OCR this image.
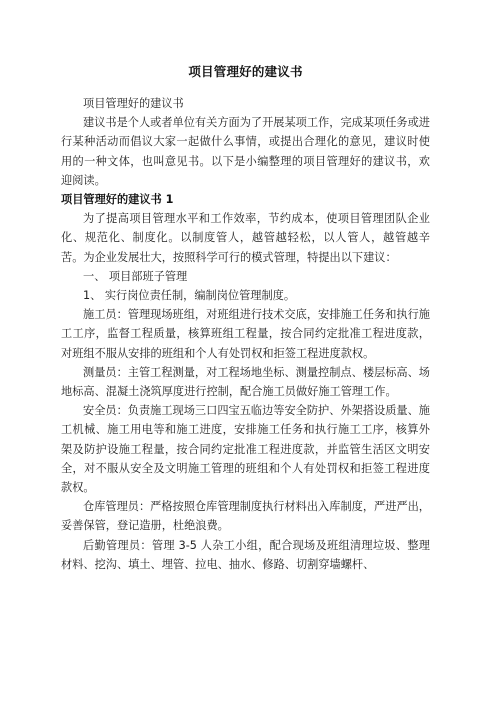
项目管理好的建议书

项目管理好的建议书

建议书是个人或者单位有关方面为了开展某项工作，完成某项任务或进行某种活动而倡议大家一起做什么事情，或提出合理化的意见，建议时使用的一种文体，也叫意见书。以下是小编整理的项目管理好的建议书，欢迎阅读。

项目管理好的建议书 1

为了提高项目管理水平和工作效率，节约成本，使项目管理团队企业化、规范化、制度化。以制度管人，越管越轻松，以人管人，越管越辛苦。为企业发展壮大，按照科学可行的模式管理，特提出以下建议：

一、 项目部班子管理

1、 实行岗位责任制，编制岗位管理制度。

施工员：管理现场班组，对班组进行技术交底，安排施工任务和执行施工工序，监督工程质量，核算班组工程量，按合同约定批准工程进度款，对班组不服从安排的班组和个人有处罚权和拒签工程进度款权。

测量员：主管工程测量，对工程场地坐标、测量控制点、楼层标高、场地标高、混凝土浇筑厚度进行控制，配合施工员做好施工管理工作。

安全员：负责施工现场三口四宝五临边等安全防护、外架搭设质量、施工机械、施工用电等和施工进度，安排施工任务和执行施工工序，核算外架及防护设施工程量，按合同约定批准工程进度款，并监管生活区文明安全，对不服从安全及文明施工管理的班组和个人有处罚权和拒签工程进度款权。

仓库管理员：严格按照仓库管理制度执行材料出入库制度，严进严出，妥善保管，登记造册，杜绝浪费。

后勤管理员：管理 3-5 人杂工小组，配合现场及班组清理垃圾、整理材料、挖沟、填土、埋管、拉电、抽水、修路、切割穿墙螺杆、
